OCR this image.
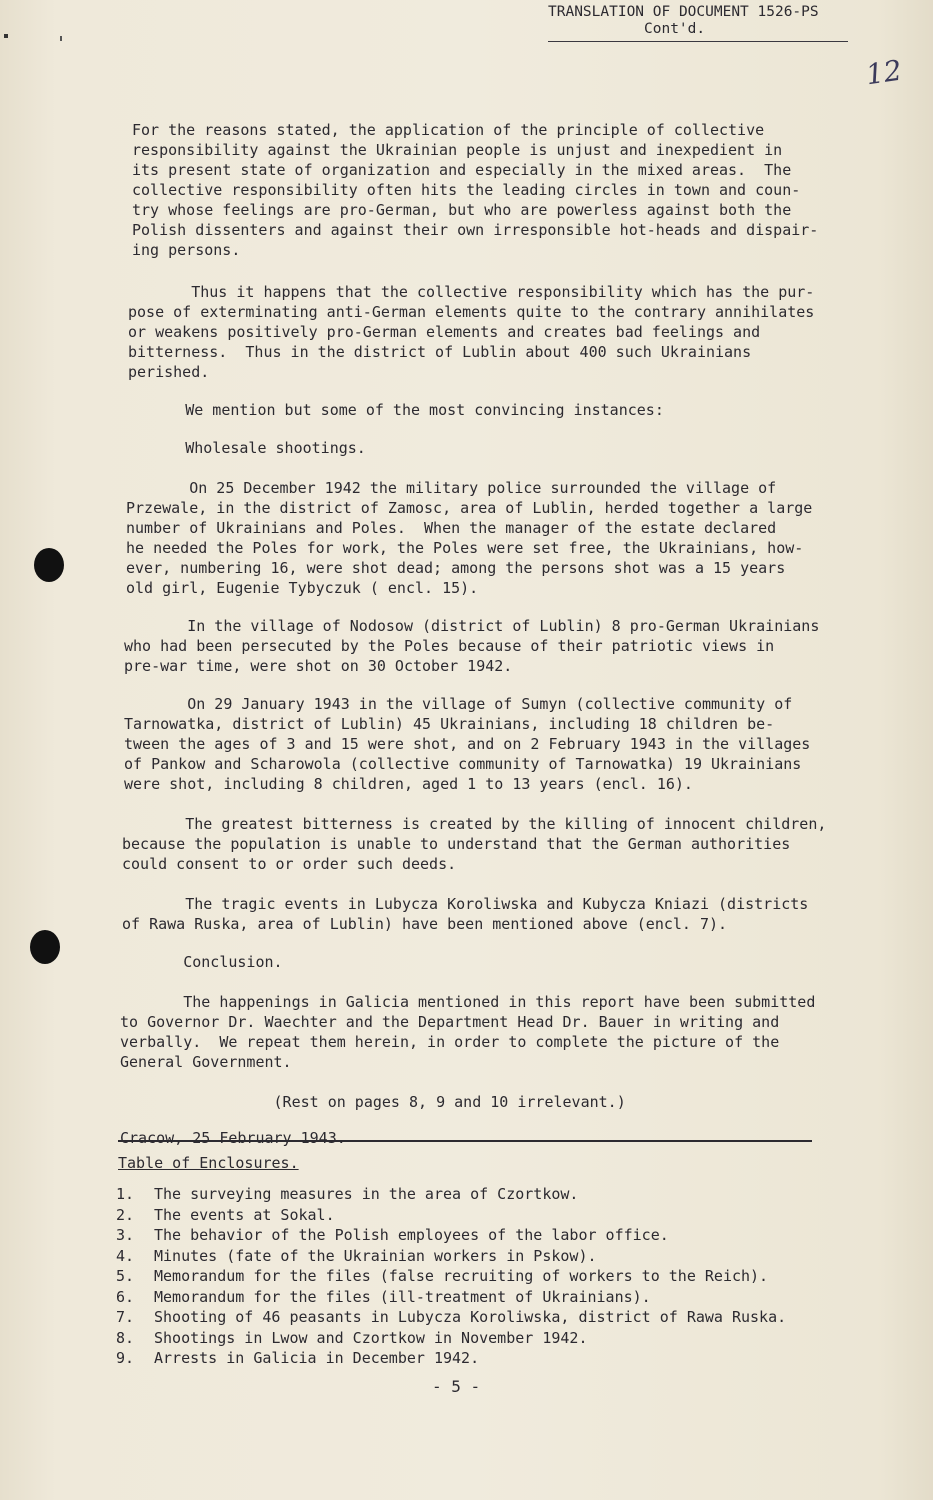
TRANSLATION OF DOCUMENT 1526-PS
Cont'd.
12

For the reasons stated, the application of the principle of collective
responsibility against the Ukrainian people is unjust and inexpedient in
its present state of organization and especially in the mixed areas.  The
collective responsibility often hits the leading circles in town and coun-
try whose feelings are pro-German, but who are powerless against both the
Polish dissenters and against their own irresponsible hot-heads and dispair-
ing persons.

Thus it happens that the collective responsibility which has the pur-
pose of exterminating anti-German elements quite to the contrary annihilates
or weakens positively pro-German elements and creates bad feelings and
bitterness.  Thus in the district of Lublin about 400 such Ukrainians
perished.

We mention but some of the most convincing instances:

Wholesale shootings.

On 25 December 1942 the military police surrounded the village of
Przewale, in the district of Zamosc, area of Lublin, herded together a large
number of Ukrainians and Poles.  When the manager of the estate declared
he needed the Poles for work, the Poles were set free, the Ukrainians, how-
ever, numbering 16, were shot dead; among the persons shot was a 15 years
old girl, Eugenie Tybyczuk ( encl. 15).

In the village of Nodosow (district of Lublin) 8 pro-German Ukrainians
who had been persecuted by the Poles because of their patriotic views in
pre-war time, were shot on 30 October 1942.

On 29 January 1943 in the village of Sumyn (collective community of
Tarnowatka, district of Lublin) 45 Ukrainians, including 18 children be-
tween the ages of 3 and 15 were shot, and on 2 February 1943 in the villages
of Pankow and Scharowola (collective community of Tarnowatka) 19 Ukrainians
were shot, including 8 children, aged 1 to 13 years (encl. 16).

The greatest bitterness is created by the killing of innocent children,
because the population is unable to understand that the German authorities
could consent to or order such deeds.

The tragic events in Lubycza Koroliwska and Kubycza Kniazi (districts
of Rawa Ruska, area of Lublin) have been mentioned above (encl. 7).

Conclusion.

The happenings in Galicia mentioned in this report have been submitted
to Governor Dr. Waechter and the Department Head Dr. Bauer in writing and
verbally.  We repeat them herein, in order to complete the picture of the
General Government.

(Rest on pages 8, 9 and 10 irrelevant.)

Cracow, 25 February 1943.

Table of Enclosures.
1.	The surveying measures in the area of Czortkow.
2.	The events at Sokal.
3.	The behavior of the Polish employees of the labor office.
4.	Minutes (fate of the Ukrainian workers in Pskow).
5.	Memorandum for the files (false recruiting of workers to the Reich).
6.	Memorandum for the files (ill-treatment of Ukrainians).
7.	Shooting of 46 peasants in Lubycza Koroliwska, district of Rawa Ruska.
8.	Shootings in Lwow and Czortkow in November 1942.
9.	Arrests in Galicia in December 1942.
- 5 -
